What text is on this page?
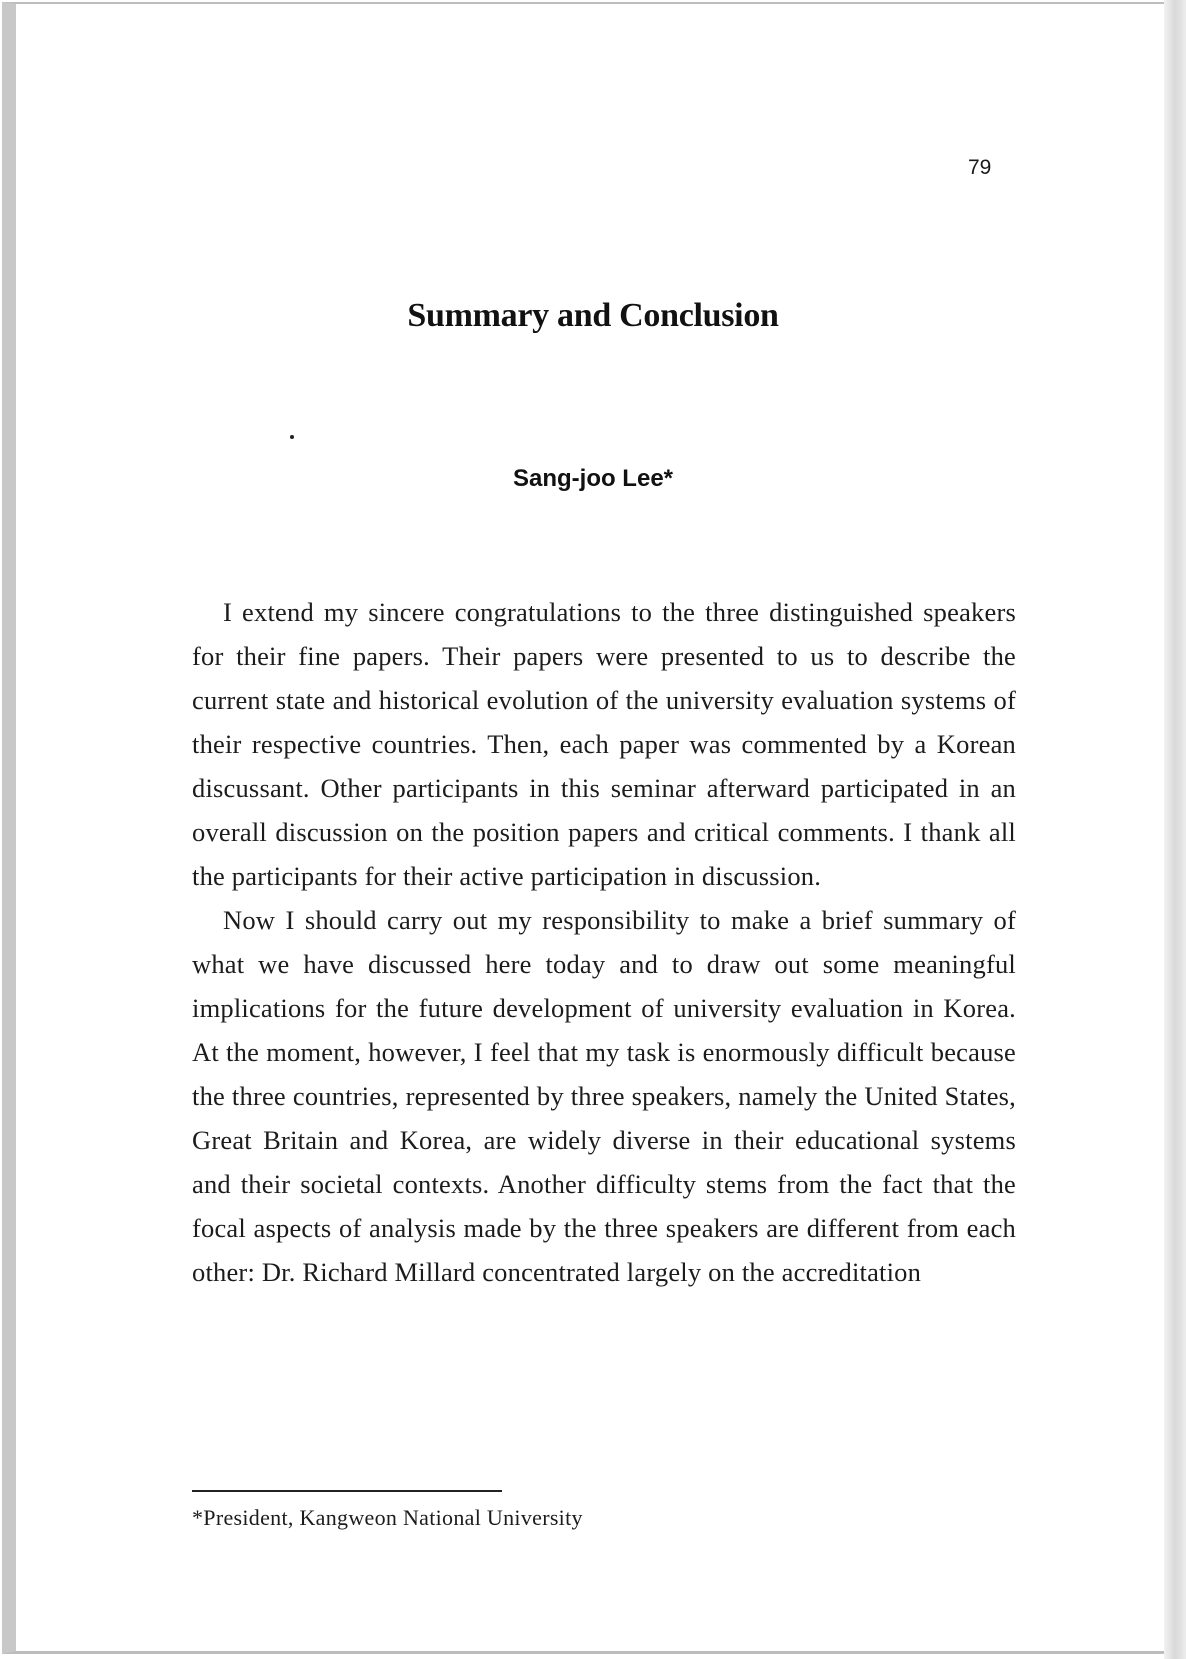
79
Summary and Conclusion
Sang-joo Lee*

I extend my sincere congratulations to the three distinguished speakers for their fine papers. Their papers were presented to us to describe the current state and historical evolution of the university evaluation systems of their respective countries. Then, each paper was commented by a Korean discussant. Other participants in this seminar afterward participated in an overall discussion on the position papers and critical comments. I thank all the participants for their active participation in discussion.

Now I should carry out my responsibility to make a brief summary of what we have discussed here today and to draw out some meaningful implications for the future development of university evaluation in Korea. At the moment, however, I feel that my task is enormously difficult because the three countries, represented by three speakers, namely the United States, Great Britain and Korea, are widely diverse in their educational systems and their societal contexts. Another difficulty stems from the fact that the focal aspects of analysis made by the three speakers are different from each other: Dr. Richard Millard concentrated largely on the accreditation

*President, Kangweon National University
